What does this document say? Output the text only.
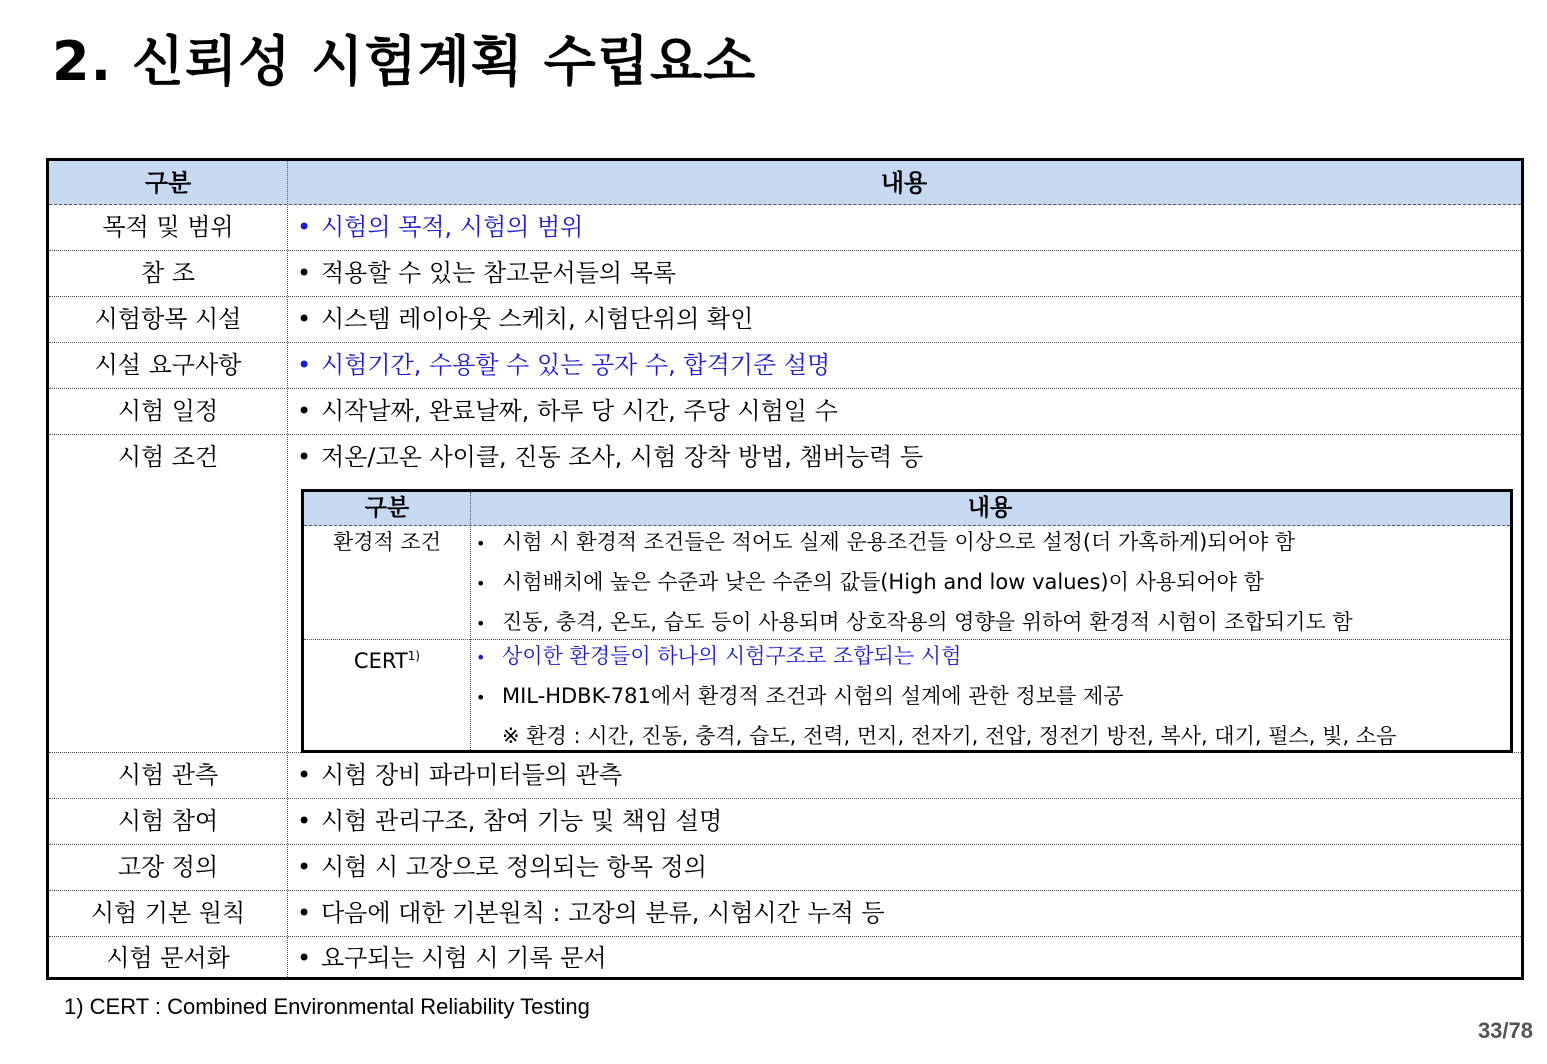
2. 신뢰성 시험계획 수립요소
구분	내용
목적 및 범위	• 시험의 목적, 시험의 범위
참 조	• 적용할 수 있는 참고문서들의 목록
시험항목 시설	• 시스템 레이아웃 스케치, 시험단위의 확인
시설 요구사항	• 시험기간, 수용할 수 있는 공자 수, 합격기준 설명
시험 일정	• 시작날짜, 완료날짜, 하루 당 시간, 주당 시험일 수
시험 조건	• 저온/고온 사이클, 진동 조사, 시험 장착 방법, 챔버능력 등
시험 관측	• 시험 장비 파라미터들의 관측
시험 참여	• 시험 관리구조, 참여 기능 및 책임 설명
고장 정의	• 시험 시 고장으로 정의되는 항목 정의
시험 기본 원칙	• 다음에 대한 기본원칙 : 고장의 분류, 시험시간 누적 등
시험 문서화	• 요구되는 시험 시 기록 문서
구분	내용
환경적 조건	• 시험 시 환경적 조건들은 적어도 실제 운용조건들 이상으로 설정(더 가혹하게)되어야 함
• 시험배치에 높은 수준과 낮은 수준의 값들(High and low values)이 사용되어야 함
• 진동, 충격, 온도, 습도 등이 사용되며 상호작용의 영향을 위하여 환경적 시험이 조합되기도 함
CERT$^{1)}$	• 상이한 환경들이 하나의 시험구조로 조합되는 시험
• MIL-HDBK-781에서 환경적 조건과 시험의 설계에 관한 정보를 제공
※ 환경 : 시간, 진동, 충격, 습도, 전력, 먼지, 전자기, 전압, 정전기 방전, 복사, 대기, 펄스, 빛, 소음
1) CERT : Combined Environmental Reliability Testing
33/78
